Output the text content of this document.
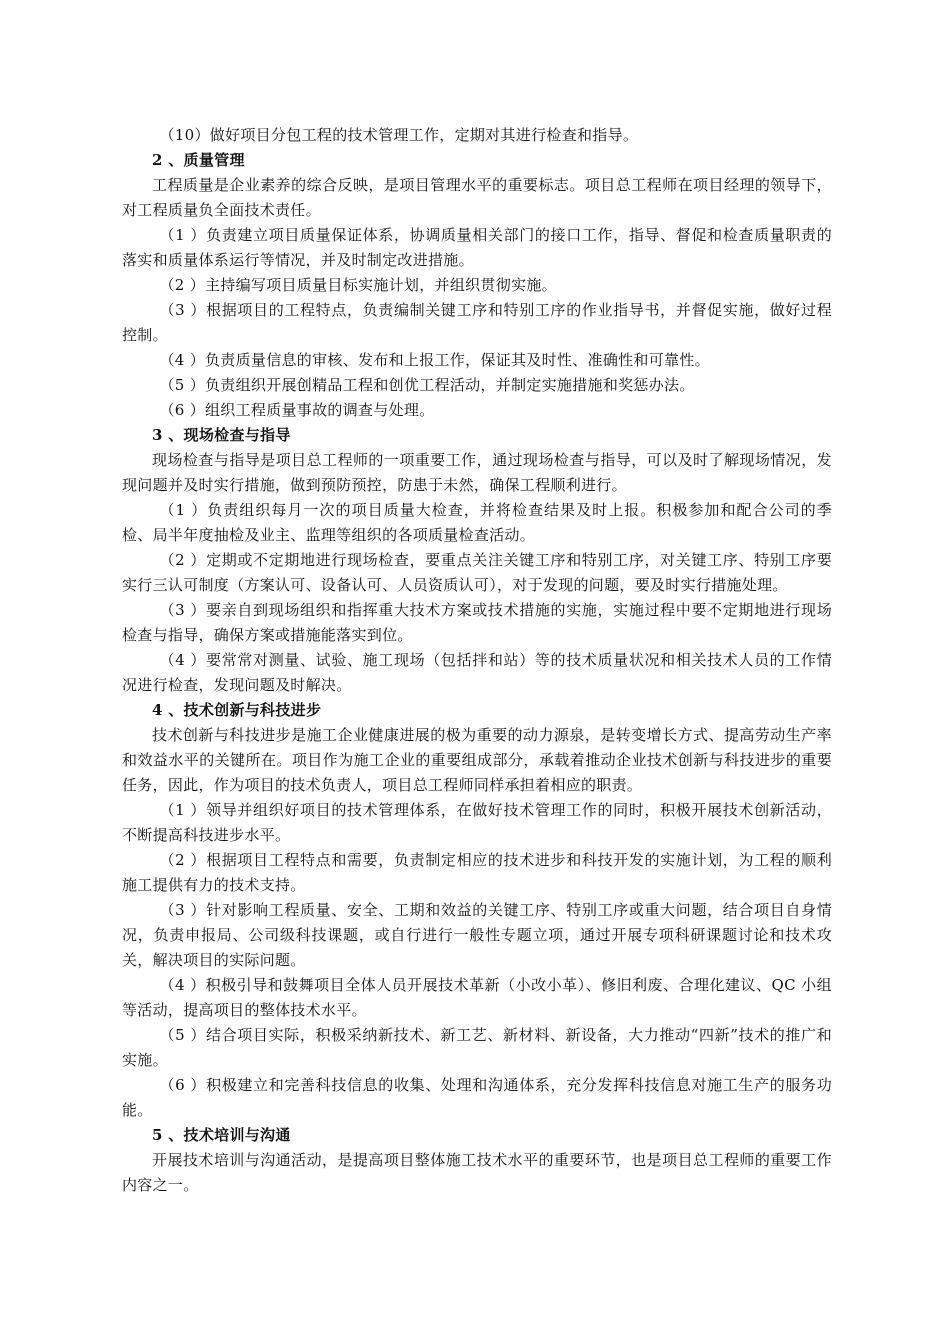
（10）做好项目分包工程的技术管理工作，定期对其进行检查和指导。

2 、质量管理

工程质量是企业素养的综合反映，是项目管理水平的重要标志。项目总工程师在项目经理的领导下，对工程质量负全面技术责任。

（1 ）负责建立项目质量保证体系，协调质量相关部门的接口工作，指导、督促和检查质量职责的落实和质量体系运行等情况，并及时制定改进措施。

（2 ）主持编写项目质量目标实施计划，并组织贯彻实施。

（3 ）根据项目的工程特点，负责编制关键工序和特别工序的作业指导书，并督促实施，做好过程控制。

（4 ）负责质量信息的审核、发布和上报工作，保证其及时性、准确性和可靠性。

（5 ）负责组织开展创精品工程和创优工程活动，并制定实施措施和奖惩办法。

（6 ）组织工程质量事故的调查与处理。

3 、现场检查与指导

现场检查与指导是项目总工程师的一项重要工作，通过现场检查与指导，可以及时了解现场情况，发现问题并及时实行措施，做到预防预控，防患于未然，确保工程顺利进行。

（1 ）负责组织每月一次的项目质量大检查，并将检查结果及时上报。积极参加和配合公司的季检、局半年度抽检及业主、监理等组织的各项质量检查活动。

（2 ）定期或不定期地进行现场检查，要重点关注关键工序和特别工序，对关键工序、特别工序要实行三认可制度（方案认可、设备认可、人员资质认可），对于发现的问题，要及时实行措施处理。

（3 ）要亲自到现场组织和指挥重大技术方案或技术措施的实施，实施过程中要不定期地进行现场检查与指导，确保方案或措施能落实到位。

（4 ）要常常对测量、试验、施工现场（包括拌和站）等的技术质量状况和相关技术人员的工作情况进行检查，发现问题及时解决。

4 、技术创新与科技进步

技术创新与科技进步是施工企业健康进展的极为重要的动力源泉，是转变增长方式、提高劳动生产率和效益水平的关键所在。项目作为施工企业的重要组成部分，承载着推动企业技术创新与科技进步的重要任务，因此，作为项目的技术负责人，项目总工程师同样承担着相应的职责。

（1 ）领导并组织好项目的技术管理体系，在做好技术管理工作的同时，积极开展技术创新活动，不断提高科技进步水平。

（2 ）根据项目工程特点和需要，负责制定相应的技术进步和科技开发的实施计划，为工程的顺利施工提供有力的技术支持。

（3 ）针对影响工程质量、安全、工期和效益的关键工序、特别工序或重大问题，结合项目自身情况，负责申报局、公司级科技课题，或自行进行一般性专题立项，通过开展专项科研课题讨论和技术攻关，解决项目的实际问题。

（4 ）积极引导和鼓舞项目全体人员开展技术革新（小改小革）、修旧利废、合理化建议、QC 小组等活动，提高项目的整体技术水平。

（5 ）结合项目实际，积极采纳新技术、新工艺、新材料、新设备，大力推动“四新”技术的推广和实施。

（6 ）积极建立和完善科技信息的收集、处理和沟通体系，充分发挥科技信息对施工生产的服务功能。

5 、技术培训与沟通

开展技术培训与沟通活动，是提高项目整体施工技术水平的重要环节，也是项目总工程师的重要工作内容之一。
